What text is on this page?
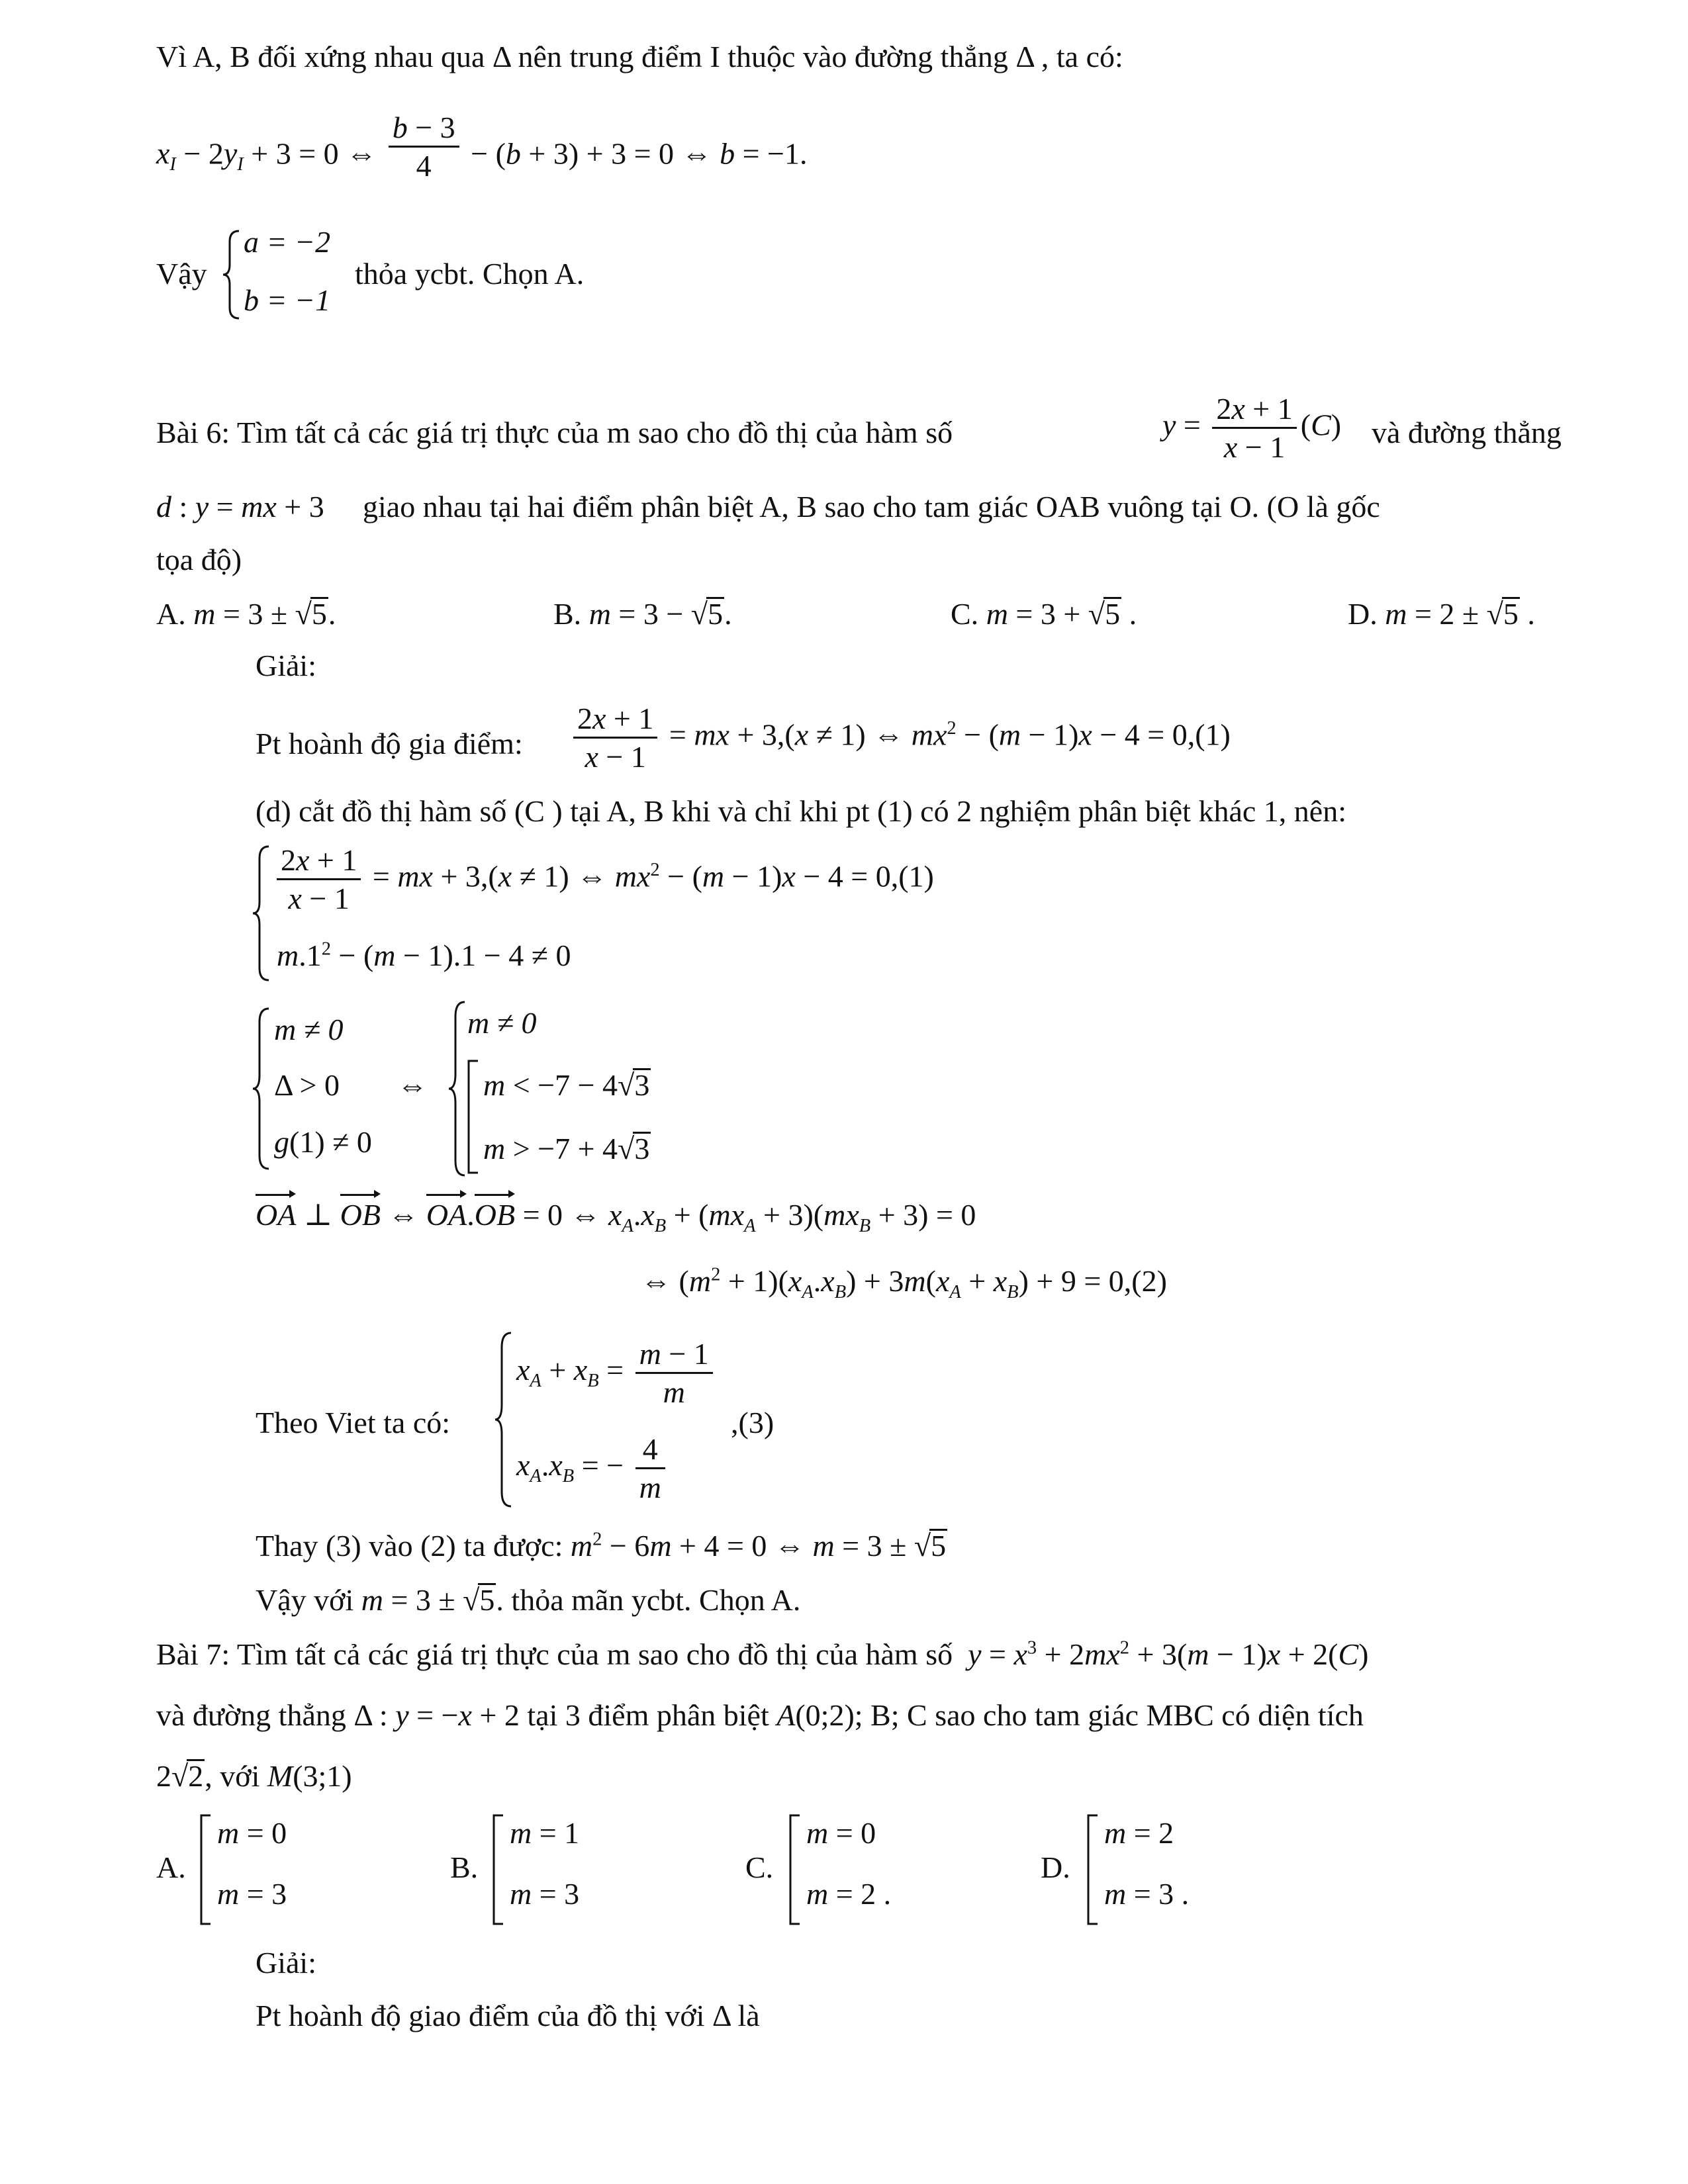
Vì A, B đối xứng nhau qua Δ nên trung điểm I thuộc vào đường thẳng Δ , ta có:
$x_I - 2y_I + 3 = 0$ ⇔ $\frac{b - 3}{4} - (b + 3) + 3 = 0$ ⇔ b = −1.
Vậy
a = −2
b = −1
thỏa ycbt. Chọn A.
Bài 6: Tìm tất cả các giá trị thực của m sao cho đồ thị của hàm số	$y = \frac{2x + 1}{x - 1} (C)$ và đường thẳng
d : y = mx + 3 giao nhau tại hai điểm phân biệt A, B sao cho tam giác OAB vuông tại O. (O là gốc
tọa độ)
A. m = 3 ± √5.	B. m = 3 − √5.	C. m = 3 + √5 .	D. m = 2 ± √5 .
Giải:
Pt hoành độ gia điểm: $\frac{2x + 1}{x - 1}$ = mx + 3,(x ≠ 1) ⇔ $mx^2 - (m - 1)x - 4 = 0,(1)$
(d) cắt đồ thị hàm số (C ) tại A, B khi và chỉ khi pt (1) có 2 nghiệm phân biệt khác 1, nên:
$\frac{2x + 1}{x - 1}$ = mx + 3,(x ≠ 1) ⇔ $mx^2 - (m - 1)x - 4 = 0,(1)$
$m.1^2 - (m - 1).1 - 4 \ne 0$
m ≠ 0
Δ > 0
g(1) ≠ 0
⇔
m ≠ 0
m < −7 − 4√3
m > −7 + 4√3
OA ⊥ OB ⇔ OA.OB = 0 ⇔ $x_A.x_B + (mx_A + 3)(mx_B + 3) = 0$
⇔ $(m^2 + 1)(x_A.x_B) + 3m(x_A + x_B) + 9 = 0,(2)$
Theo Viet ta có:
$x_A + x_B = \frac{m - 1}{m}$
,(3)
$x_A.x_B$ = − $\frac{4}{m}$
Thay (3) vào (2) ta được: $m^2 - 6m + 4 = 0$ ⇔ m = 3 ± √5
Vậy với m = 3 ± √5. thỏa mãn ycbt. Chọn A.
Bài 7: Tìm tất cả các giá trị thực của m sao cho đồ thị của hàm số $y = x^3 + 2mx^2 + 3(m - 1)x + 2(C)$
và đường thẳng Δ : y = −x + 2 tại 3 điểm phân biệt A(0;2); B; C sao cho tam giác MBC có diện tích
2√2, với M(3;1)
A.
m = 0
m = 3
B.
m = 1
m = 3
C.
m = 0
m = 2 .
D.
m = 2
m = 3 .
Giải:
Pt hoành độ giao điểm của đồ thị với Δ là
